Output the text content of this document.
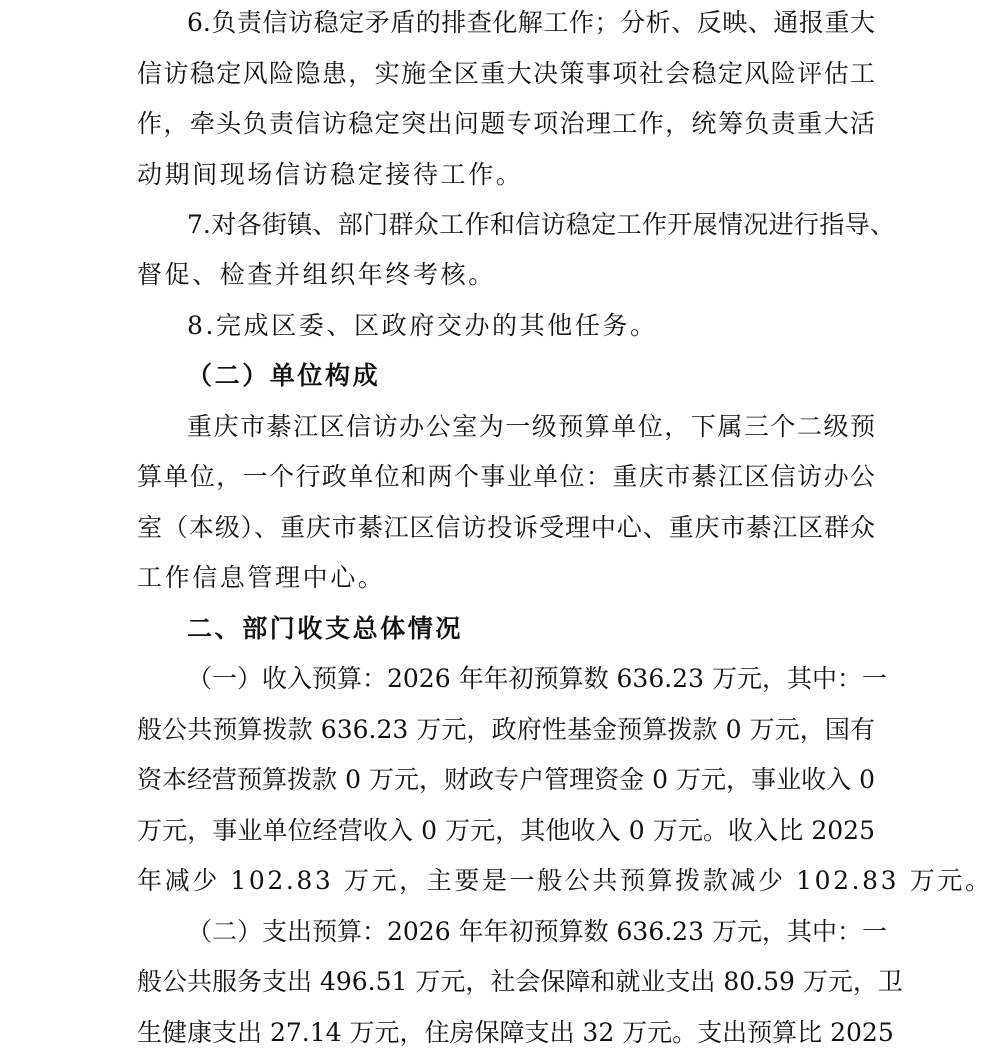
6.负责信访稳定矛盾的排查化解工作；分析、反映、通报重大
信访稳定风险隐患，实施全区重大决策事项社会稳定风险评估工
作，牵头负责信访稳定突出问题专项治理工作，统筹负责重大活
动期间现场信访稳定接待工作。
7.对各街镇、部门群众工作和信访稳定工作开展情况进行指导、
督促、检查并组织年终考核。
8.完成区委、区政府交办的其他任务。
（二）单位构成
重庆市綦江区信访办公室为一级预算单位，下属三个二级预
算单位，一个行政单位和两个事业单位：重庆市綦江区信访办公
室（本级）、重庆市綦江区信访投诉受理中心、重庆市綦江区群众
工作信息管理中心。
二、部门收支总体情况
（一）收入预算：2026 年年初预算数 636.23 万元，其中：一
般公共预算拨款 636.23 万元，政府性基金预算拨款 0 万元，国有
资本经营预算拨款 0 万元，财政专户管理资金 0 万元，事业收入 0
万元，事业单位经营收入 0 万元，其他收入 0 万元。收入比 2025
年减少 102.83 万元，主要是一般公共预算拨款减少 102.83 万元。
（二）支出预算：2026 年年初预算数 636.23 万元，其中：一
般公共服务支出 496.51 万元，社会保障和就业支出 80.59 万元，卫
生健康支出 27.14 万元，住房保障支出 32 万元。支出预算比 2025
